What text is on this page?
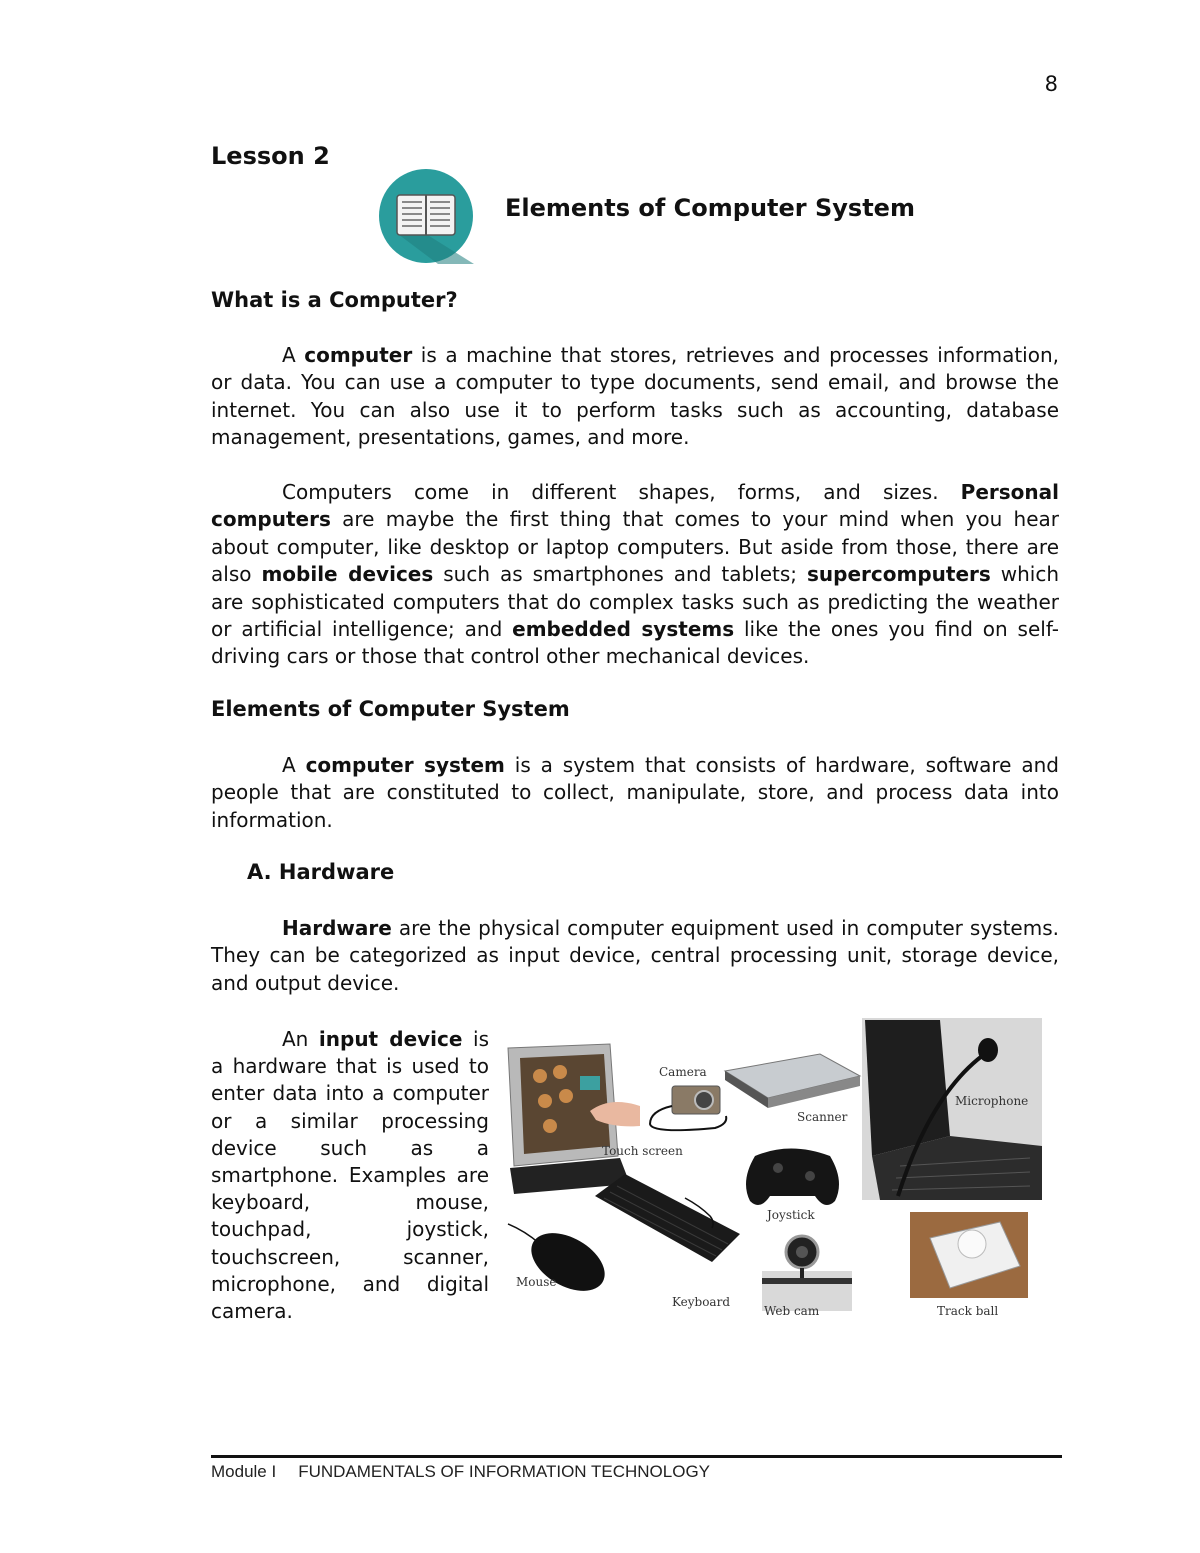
8
Lesson 2
Elements of Computer System
What is a Computer?

A computer is a machine that stores, retrieves and processes information, or data. You can use a computer to type documents, send email, and browse the internet. You can also use it to perform tasks such as accounting, database management, presentations, games, and more.

Computers come in different shapes, forms, and sizes. Personal computers are maybe the first thing that comes to your mind when you hear about computer, like desktop or laptop computers. But aside from those, there are also mobile devices such as smartphones and tablets; supercomputers which are sophisticated computers that do complex tasks such as predicting the weather or artificial intelligence; and embedded systems like the ones you find on self-driving cars or those that control other mechanical devices.

Elements of Computer System

A computer system is a system that consists of hardware, software and people that are constituted to collect, manipulate, store, and process data into information.

A. Hardware

Hardware are the physical computer equipment used in computer systems. They can be categorized as input device, central processing unit, storage device, and output device.

An input device is a hardware that is used to enter data into a computer or a similar processing device such as a smartphone. Examples are keyboard, mouse, touchpad, joystick, touchscreen, scanner, microphone, and digital camera.

Camera
Scanner
Microphone
Touch screen
Joystick
Mouse
Keyboard
Web cam	Track ball
Module I FUNDAMENTALS OF INFORMATION TECHNOLOGY
